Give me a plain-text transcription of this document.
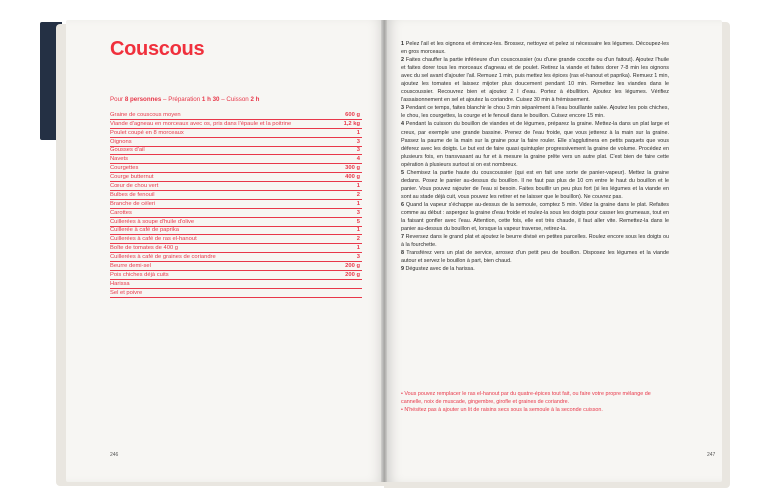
Couscous
Pour 8 personnes – Préparation 1 h 30 – Cuisson 2 h
Graine de couscous moyen	600 g
Viande d'agneau en morceaux avec os, pris dans l'épaule et la poitrine	1,2 kg
Poulet coupé en 8 morceaux	1
Oignons	3
Gousses d'ail	3
Navets	4
Courgettes	300 g
Courge butternut	400 g
Cœur de chou vert	1
Bulbes de fenouil	2
Branche de céleri	1
Carottes	3
Cuillerées à soupe d'huile d'olive	5
Cuillerée à café de paprika	1
Cuillerées à café de ras el-hanout	2
Boîte de tomates de 400 g	1
Cuillerées à café de graines de coriandre	3
Beurre demi-sel	200 g
Pois chiches déjà cuits	200 g
Harissa
Sel et poivre
246

1 Pelez l'ail et les oignons et émincez-les. Brossez, nettoyez et pelez si nécessaire les légumes. Découpez-les en gros morceaux.

2 Faites chauffer la partie inférieure d'un couscoussier (ou d'une grande cocotte ou d'un faitout). Ajoutez l'huile et faites dorer tous les morceaux d'agneau et de poulet. Retirez la viande et faites dorer 7-8 min les oignons avec du sel avant d'ajouter l'ail. Remuez 1 min, puis mettez les épices (ras el-hanout et paprika). Remuez 1 min, ajoutez les tomates et laissez mijoter plus doucement pendant 10 min. Remettez les viandes dans le couscoussier. Recouvrez bien et ajoutez 2 l d'eau. Portez à ébullition. Ajoutez les légumes. Vérifiez l'assaisonnement en sel et ajoutez la coriandre. Cuisez 30 min à frémissement.

3 Pendant ce temps, faites blanchir le chou 3 min séparément à l'eau bouillante salée. Ajoutez les pois chiches, le chou, les courgettes, la courge et le fenouil dans le bouillon. Cuisez encore 15 min.

4 Pendant la cuisson du bouillon de viandes et de légumes, préparez la graine. Mettez-la dans un plat large et creux, par exemple une grande bassine. Prenez de l'eau froide, que vous jetterez à la main sur la graine. Passez la paume de la main sur la graine pour la faire rouler. Elle s'agglutinera en petits paquets que vous déferez avec les doigts. Le but est de faire quasi quintupler progressivement la graine de volume. Procédez en plusieurs fois, en transvasant au fur et à mesure la graine prête vers un autre plat. C'est bien de faire cette opération à plusieurs surtout si on est nombreux.

5 Chemisez la partie haute du couscoussier (qui est en fait une sorte de panier-vapeur). Mettez la graine dedans. Posez le panier au-dessus du bouillon. Il ne faut pas plus de 10 cm entre le haut du bouillon et le panier. Vous pouvez rajouter de l'eau si besoin. Faites bouillir un peu plus fort (si les légumes et la viande en sont au stade déjà cuit, vous pouvez les retirer et ne laisser que le bouillon). Ne couvrez pas.

6 Quand la vapeur s'échappe au-dessus de la semoule, comptez 5 min. Videz la graine dans le plat. Refaites comme au début : aspergez la graine d'eau froide et roulez-la sous les doigts pour casser les grumeaux, tout en la faisant gonfler avec l'eau. Attention, cette fois, elle est très chaude, il faut aller vite. Remettez-la dans le panier au-dessus du bouillon et, lorsque la vapeur traverse, retirez-la.

7 Reversez dans le grand plat et ajoutez le beurre divisé en petites parcelles. Roulez encore sous les doigts ou à la fourchette.

8 Transférez vers un plat de service, arrosez d'un petit peu de bouillon. Disposez les légumes et la viande autour et servez le bouillon à part, bien chaud.

9 Dégustez avec de la harissa.

• Vous pouvez remplacer le ras el-hanout par du quatre-épices tout fait, ou faire votre propre mélange de cannelle, noix de muscade, gingembre, girofle et graines de coriandre.

• N'hésitez pas à ajouter un lit de raisins secs sous la semoule à la seconde cuisson.

247
